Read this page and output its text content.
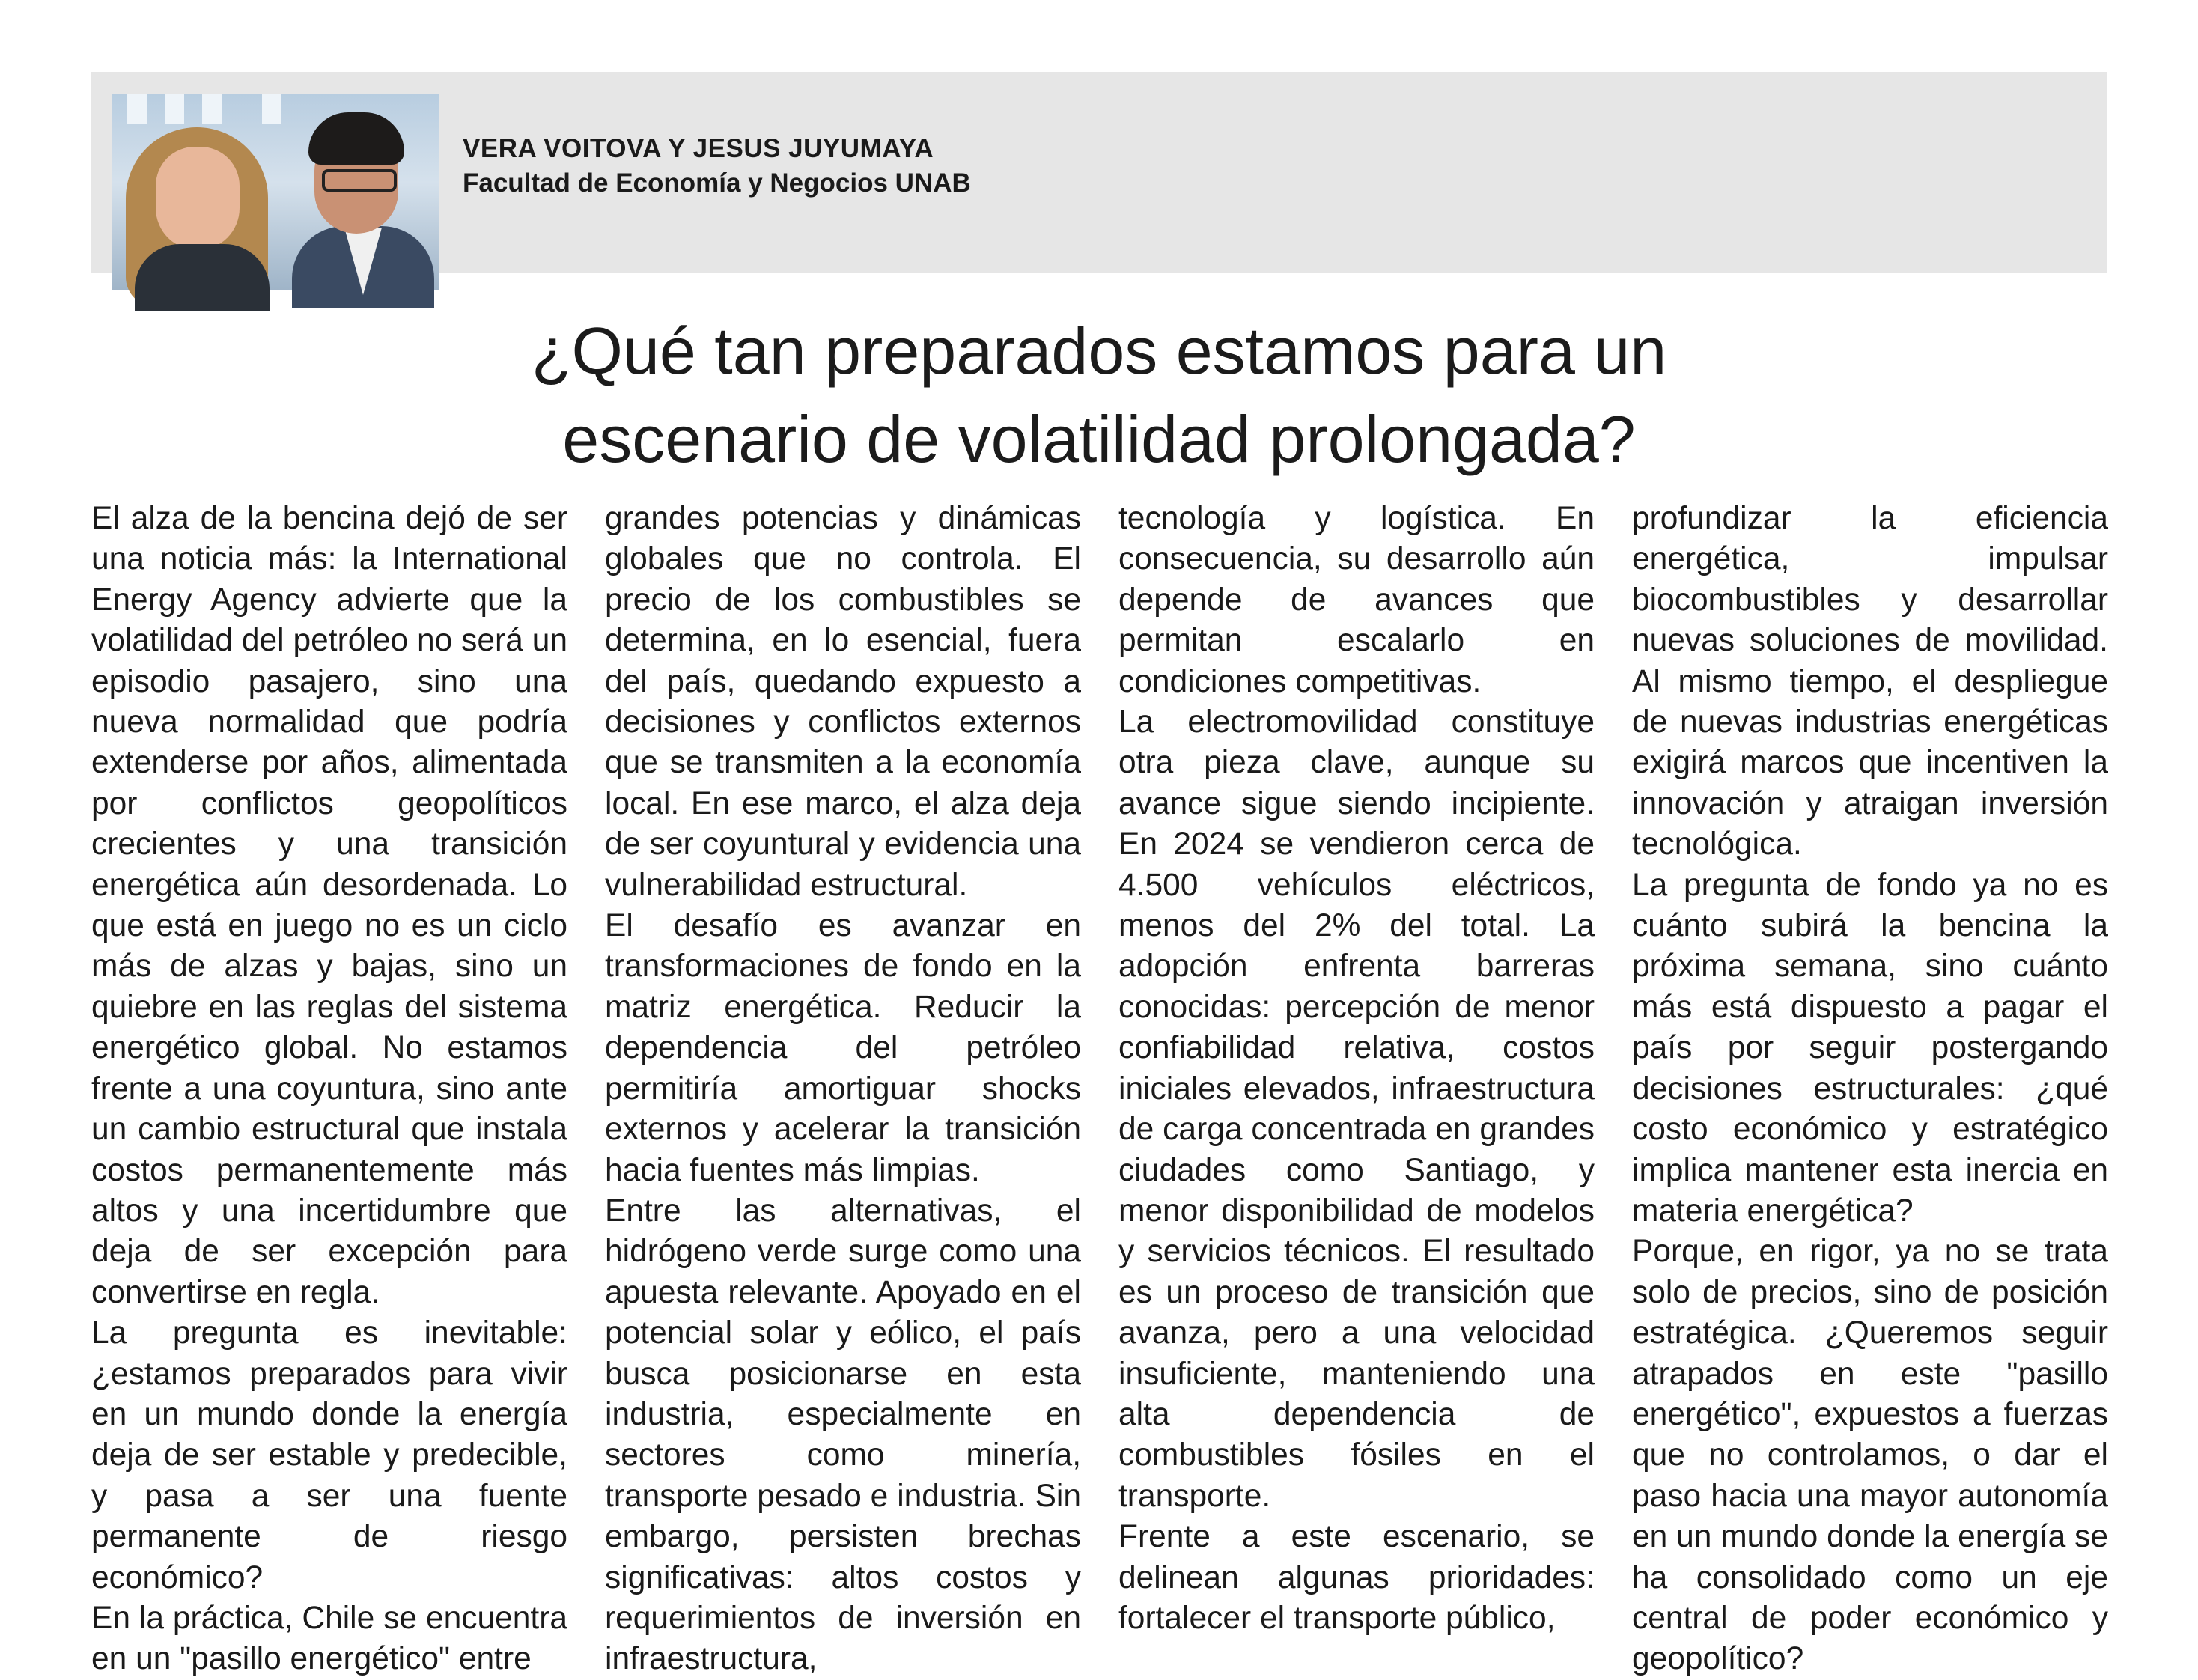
VERA VOITOVA Y JESUS JUYUMAYA
Facultad de Economía y Negocios UNAB
¿Qué tan preparados estamos para un
escenario de volatilidad prolongada?

El alza de la bencina dejó de ser una noticia más: la International Energy Agency advierte que la volatilidad del petróleo no será un episodio pasajero, sino una nueva normalidad que podría extenderse por años, alimentada por conflictos geopolíticos crecientes y una transición energética aún desordenada. Lo que está en juego no es un ciclo más de alzas y bajas, sino un quiebre en las reglas del sistema energético global. No estamos frente a una coyuntura, sino ante un cambio estructural que instala costos permanentemente más altos y una incertidumbre que deja de ser excepción para convertirse en regla.

La pregunta es inevitable: ¿estamos preparados para vivir en un mundo donde la energía deja de ser estable y predecible, y pasa a ser una fuente permanente de riesgo económico?

En la práctica, Chile se encuentra en un "pasillo energético" entre

grandes potencias y dinámicas globales que no controla. El precio de los combustibles se determina, en lo esencial, fuera del país, quedando expuesto a decisiones y conflictos externos que se transmiten a la economía local. En ese marco, el alza deja de ser coyuntural y evidencia una vulnerabilidad estructural.

El desafío es avanzar en transformaciones de fondo en la matriz energética. Reducir la dependencia del petróleo permitiría amortiguar shocks externos y acelerar la transición hacia fuentes más limpias.

Entre las alternativas, el hidrógeno verde surge como una apuesta relevante. Apoyado en el potencial solar y eólico, el país busca posicionarse en esta industria, especialmente en sectores como minería, transporte pesado e industria. Sin embargo, persisten brechas significativas: altos costos y requerimientos de inversión en infraestructura,

tecnología y logística. En consecuencia, su desarrollo aún depende de avances que permitan escalarlo en condiciones competitivas.

La electromovilidad constituye otra pieza clave, aunque su avance sigue siendo incipiente. En 2024 se vendieron cerca de 4.500 vehículos eléctricos, menos del 2% del total. La adopción enfrenta barreras conocidas: percepción de menor confiabilidad relativa, costos iniciales elevados, infraestructura de carga concentrada en grandes ciudades como Santiago, y menor disponibilidad de modelos y servicios técnicos. El resultado es un proceso de transición que avanza, pero a una velocidad insuficiente, manteniendo una alta dependencia de combustibles fósiles en el transporte.

Frente a este escenario, se delinean algunas prioridades: fortalecer el transporte público,

profundizar la eficiencia energética, impulsar biocombustibles y desarrollar nuevas soluciones de movilidad. Al mismo tiempo, el despliegue de nuevas industrias energéticas exigirá marcos que incentiven la innovación y atraigan inversión tecnológica.

La pregunta de fondo ya no es cuánto subirá la bencina la próxima semana, sino cuánto más está dispuesto a pagar el país por seguir postergando decisiones estructurales: ¿qué costo económico y estratégico implica mantener esta inercia en materia energética?

Porque, en rigor, ya no se trata solo de precios, sino de posición estratégica. ¿Queremos seguir atrapados en este "pasillo energético", expuestos a fuerzas que no controlamos, o dar el paso hacia una mayor autonomía en un mundo donde la energía se ha consolidado como un eje central de poder económico y geopolítico?
